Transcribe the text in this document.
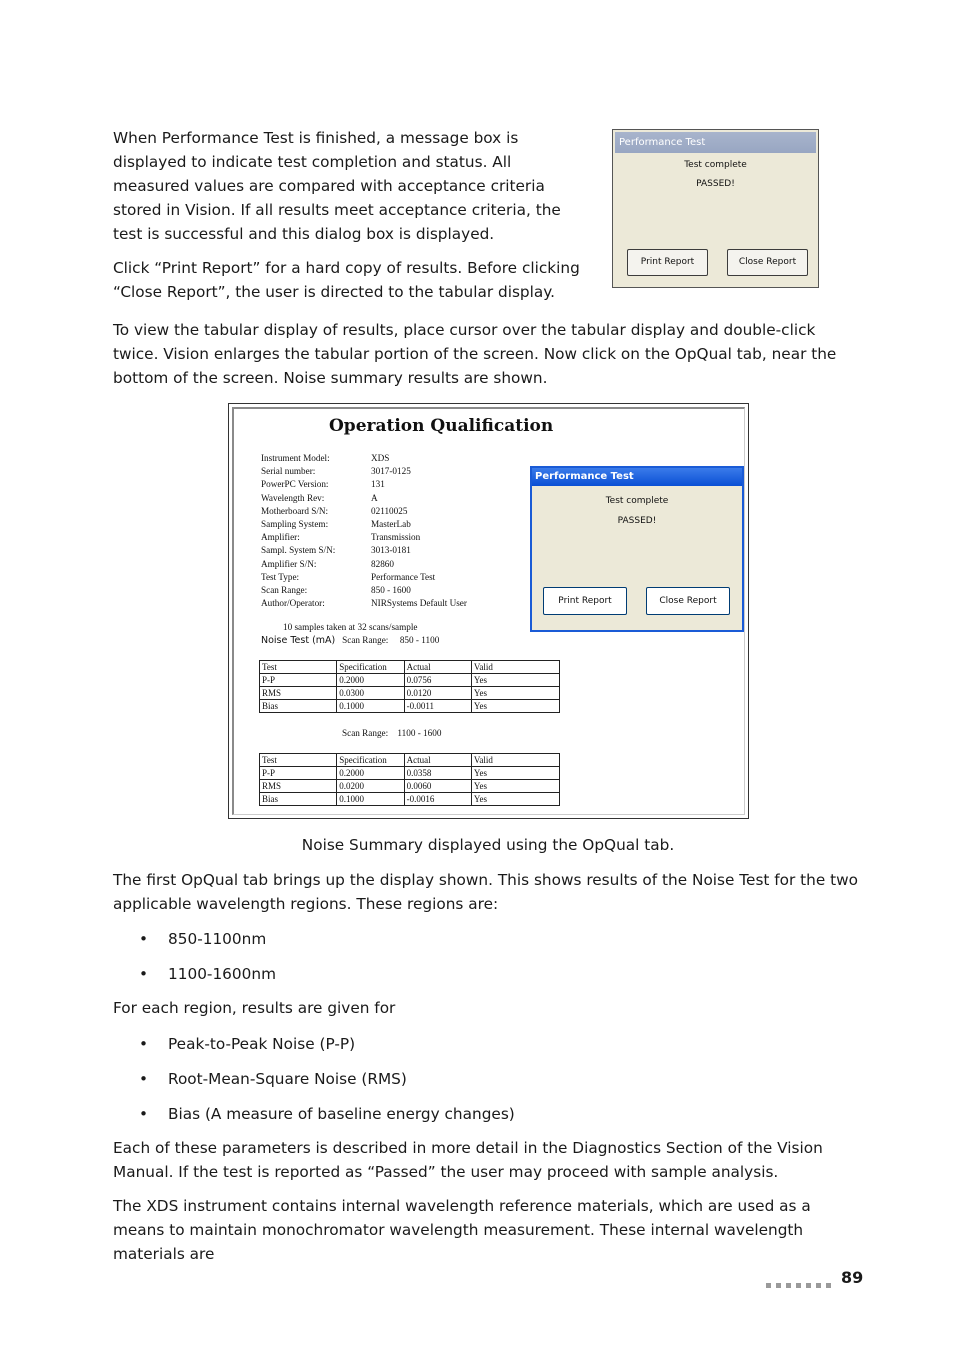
When Performance Test is finished, a message box is displayed to indicate test completion and status. All measured values are compared with acceptance criteria stored in Vision. If all results meet acceptance criteria, the test is successful and this dialog box is displayed.

Click “Print Report” for a hard copy of results. Before clicking “Close Report”, the user is directed to the tabular display.

Performance Test
Test complete
PASSED!
Print Report	Close Report

To view the tabular display of results, place cursor over the tabular display and double-click twice. Vision enlarges the tabular portion of the screen. Now click on the OpQual tab, near the bottom of the screen. Noise summary results are shown.

Operation Qualification
Instrument Model:	XDS
Serial number:	3017-0125
PowerPC Version:	131
Wavelength Rev:	A
Motherboard S/N:	02110025
Sampling System:	MasterLab
Amplifier:	Transmission
Sampl. System S/N:	3013-0181
Amplifier S/N:	82860
Test Type:	Performance Test
Scan Range:	850 - 1600
Author/Operator:	NIRSystems Default User
10 samples taken at 32 scans/sample
Noise Test (mA) Scan Range: 850 - 1100
Test	Specification	Actual	Valid
P-P	0.2000	0.0756	Yes
RMS	0.0300	0.0120	Yes
Bias	0.1000	-0.0011	Yes
Scan Range: 1100 - 1600
Test	Specification	Actual	Valid
P-P	0.2000	0.0358	Yes
RMS	0.0200	0.0060	Yes
Bias	0.1000	-0.0016	Yes
Performance Test
Test complete
PASSED!
Print Report	Close Report
Noise Summary displayed using the OpQual tab.

The first OpQual tab brings up the display shown. This shows results of the Noise Test for the two applicable wavelength regions. These regions are:

• 850-1100nm
• 1100-1600nm

For each region, results are given for

• Peak-to-Peak Noise (P-P)
• Root-Mean-Square Noise (RMS)
• Bias (A measure of baseline energy changes)

Each of these parameters is described in more detail in the Diagnostics Section of the Vision Manual. If the test is reported as “Passed” the user may proceed with sample analysis.

The XDS instrument contains internal wavelength reference materials, which are used as a means to maintain monochromator wavelength measurement. These internal wavelength materials are

89
